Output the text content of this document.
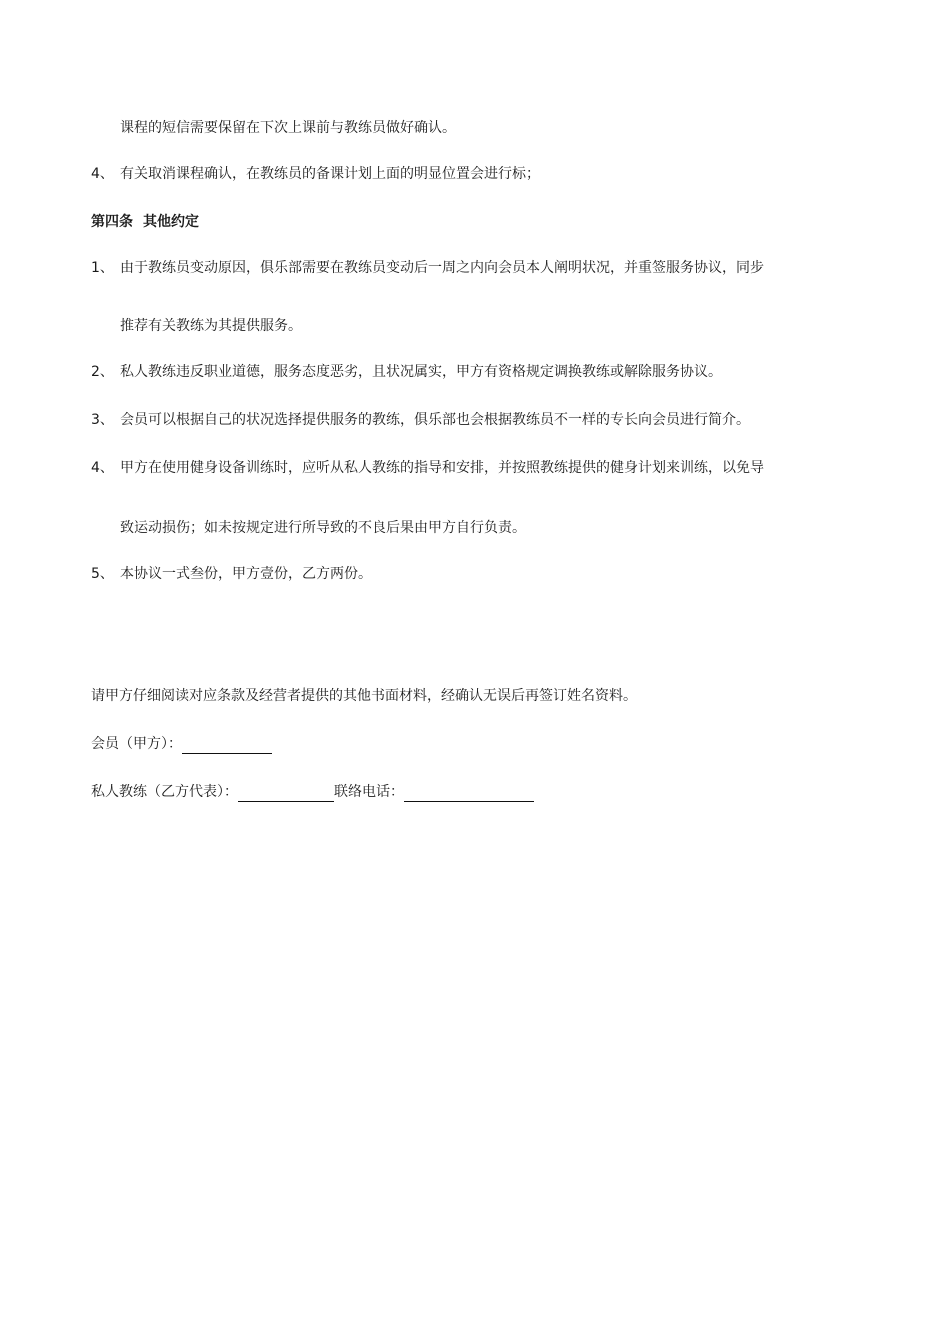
课程的短信需要保留在下次上课前与教练员做好确认。
4、 有关取消课程确认，在教练员的备课计划上面的明显位置会进行标；
第四条 其他约定
1、 由于教练员变动原因，俱乐部需要在教练员变动后一周之内向会员本人阐明状况，并重签服务协议，同步
推荐有关教练为其提供服务。
2、 私人教练违反职业道德，服务态度恶劣，且状况属实，甲方有资格规定调换教练或解除服务协议。
3、 会员可以根据自己的状况选择提供服务的教练，俱乐部也会根据教练员不一样的专长向会员进行简介。
4、 甲方在使用健身设备训练时，应听从私人教练的指导和安排，并按照教练提供的健身计划来训练，以免导
致运动损伤；如未按规定进行所导致的不良后果由甲方自行负责。
5、 本协议一式叁份，甲方壹份，乙方两份。
请甲方仔细阅读对应条款及经营者提供的其他书面材料，经确认无误后再签订姓名资料。
会员（甲方）：
私人教练（乙方代表）：	联络电话：
